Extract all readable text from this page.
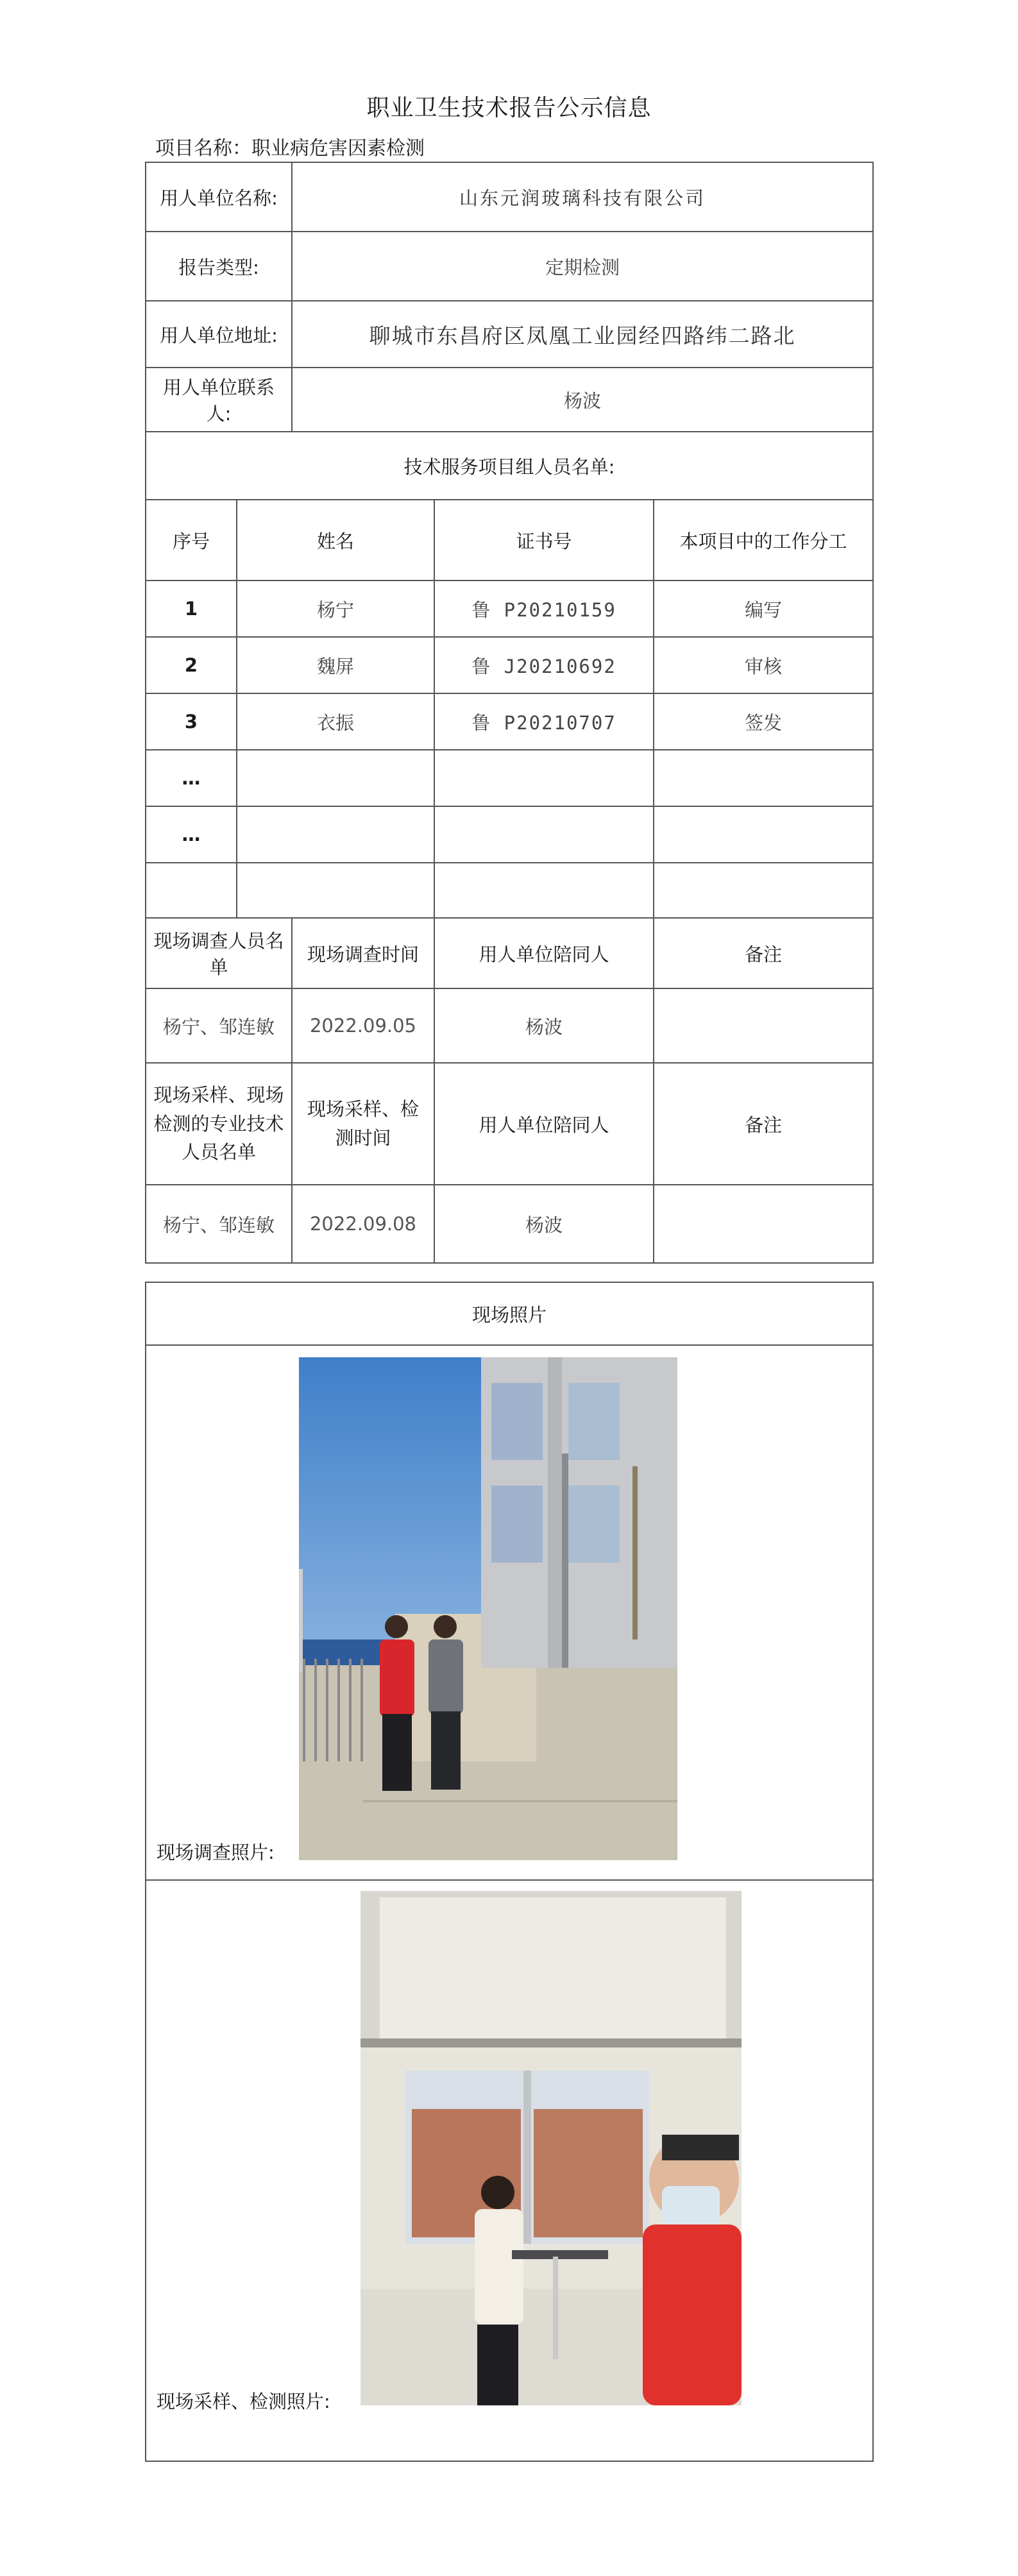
职业卫生技术报告公示信息
项目名称：职业病危害因素检测
用人单位名称:		山东元润玻璃科技有限公司		
报告类型:		定期检测		
用人单位地址:		聊城市东昌府区凤凰工业园经四路纬二路北		
用人单位联系人:		杨波		
技术服务项目组人员名单:				
序号	姓名		证书号	本项目中的工作分工
1	杨宁		鲁 P20210159	编写
2	魏屏		鲁 J20210692	审核
3	衣振		鲁 P20210707	签发
…				
…				

现场调查人员名单		现场调查时间	用人单位陪同人	备注
杨宁、邹连敏		2022.09.05	杨波	
现场采样、现场检测的专业技术人员名单		现场采样、检测时间	用人单位陪同人	备注
杨宁、邹连敏		2022.09.08	杨波	
现场照片

现场调查照片:

现场采样、检测照片:
